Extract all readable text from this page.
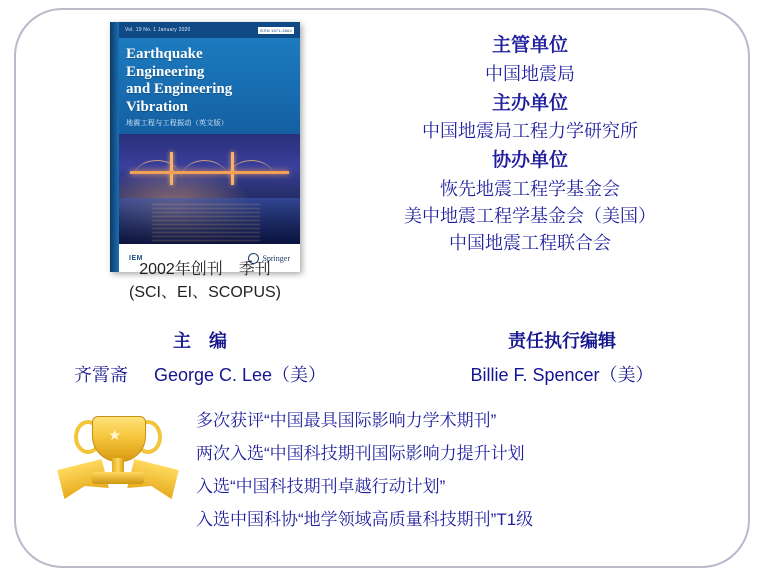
Vol. 19 No. 1 January 2020	ISSN 1671-3664
Earthquake
Engineering
and Engineering
Vibration
地震工程与工程振动（英文版）
IEM	Springer
2002年创刊　季刊
(SCI、EI、SCOPUS)
主管单位
中国地震局
主办单位
中国地震局工程力学研究所
协办单位
恢先地震工程学基金会
美中地震工程学基金会（美国）
中国地震工程联合会
主　编	责任执行编辑
齐霄斋 George C. Lee（美）	Billie F. Spencer（美）
★
多次获评“中国最具国际影响力学术期刊”
两次入选“中国科技期刊国际影响力提升计划
入选“中国科技期刊卓越行动计划”
入选中国科协“地学领域高质量科技期刊”T1级
